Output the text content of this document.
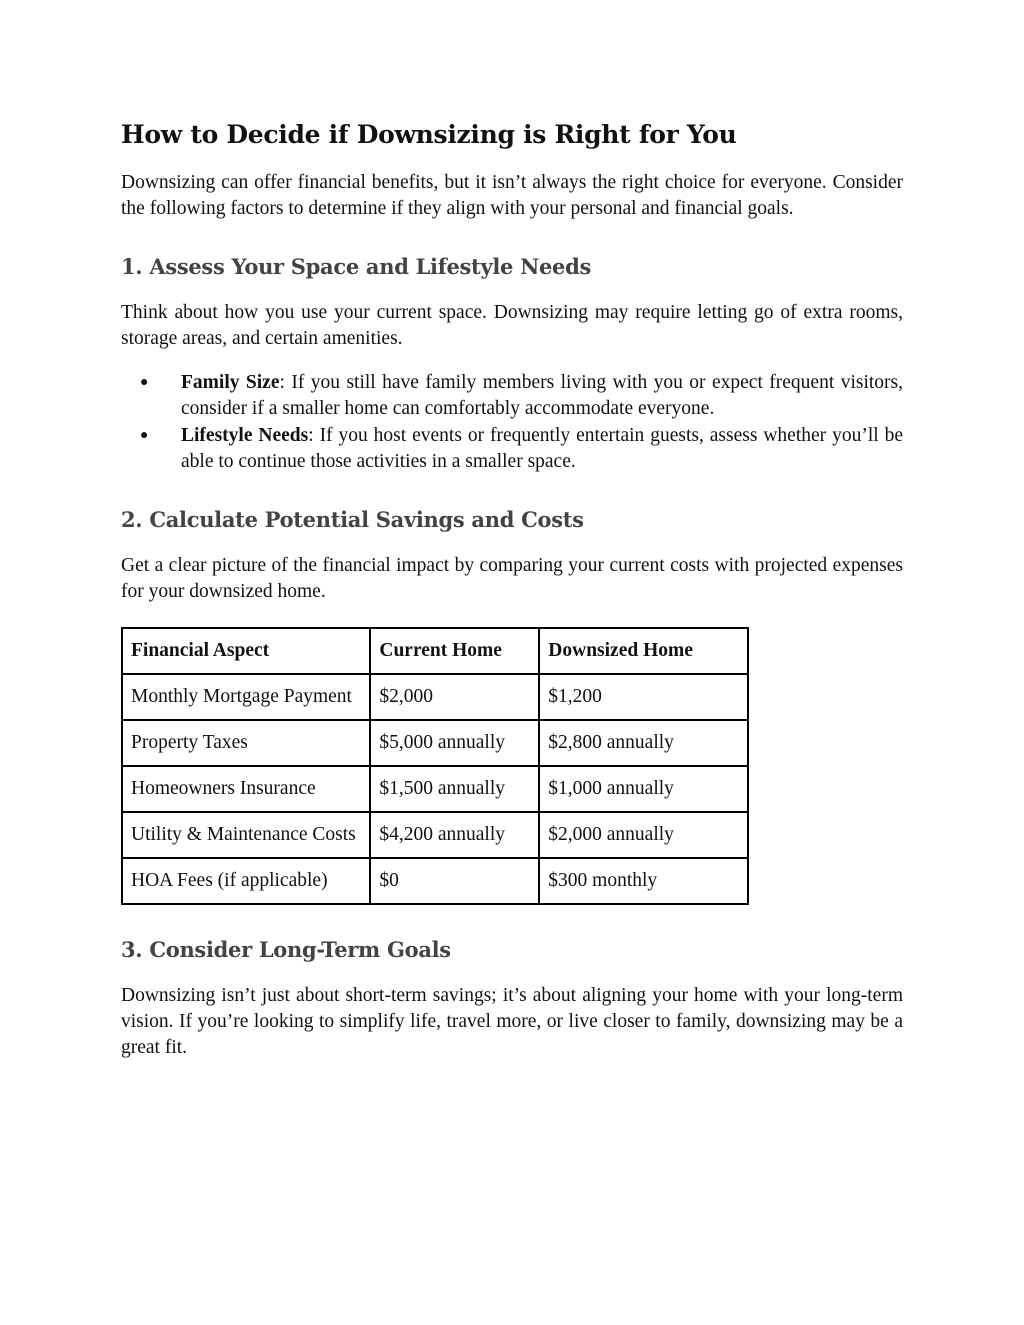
How to Decide if Downsizing is Right for You

Downsizing can offer financial benefits, but it isn’t always the right choice for everyone. Consider the following factors to determine if they align with your personal and financial goals.

1. Assess Your Space and Lifestyle Needs

Think about how you use your current space. Downsizing may require letting go of extra rooms, storage areas, and certain amenities.

● Family Size: If you still have family members living with you or expect frequent visitors, consider if a smaller home can comfortably accommodate everyone.
● Lifestyle Needs: If you host events or frequently entertain guests, assess whether you’ll be able to continue those activities in a smaller space.
2. Calculate Potential Savings and Costs

Get a clear picture of the financial impact by comparing your current costs with projected expenses for your downsized home.

Financial Aspect	Current Home	Downsized Home
Monthly Mortgage Payment	$2,000	$1,200
Property Taxes	$5,000 annually	$2,800 annually
Homeowners Insurance	$1,500 annually	$1,000 annually
Utility & Maintenance Costs	$4,200 annually	$2,000 annually
HOA Fees (if applicable)	$0	$300 monthly
3. Consider Long-Term Goals

Downsizing isn’t just about short-term savings; it’s about aligning your home with your long-term vision. If you’re looking to simplify life, travel more, or live closer to family, downsizing may be a great fit.
